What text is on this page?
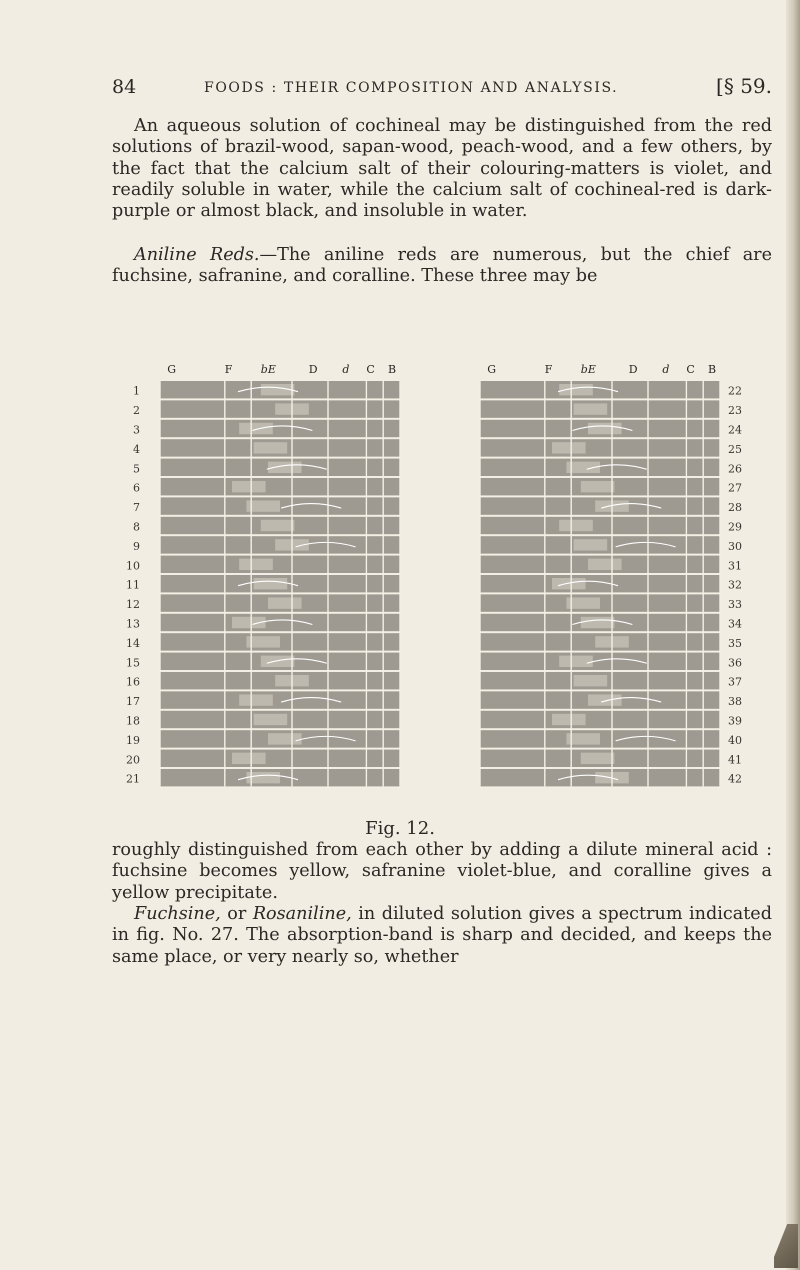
84	FOODS : THEIR COMPOSITION AND ANALYSIS.	[§ 59.

An aqueous solution of cochineal may be distinguished from the red solutions of brazil-wood, sapan-wood, peach-wood, and a few others, by the fact that the calcium salt of their colouring-matters is violet, and readily soluble in water, while the calcium salt of cochineal-red is dark-purple or almost black, and insoluble in water.

Aniline Reds.—The aniline reds are numerous, but the chief are fuchsine, safranine, and coralline. These three may be

1
2
3
4
5
6
7
8
9
10
11
12
13
14
15
16
17
18
19
20
21
G	F	bE	D d C B
22
23
24
25
26
27
28
29
30
31
32
33
34
35
36
37
38
39
40
41
42
G	F	bE	D d C B
Fig. 12.

roughly distinguished from each other by adding a dilute mineral acid : fuchsine becomes yellow, safranine violet-blue, and coralline gives a yellow precipitate.

Fuchsine, or Rosaniline, in diluted solution gives a spectrum indicated in fig. No. 27. The absorption-band is sharp and decided, and keeps the same place, or very nearly so, whether
